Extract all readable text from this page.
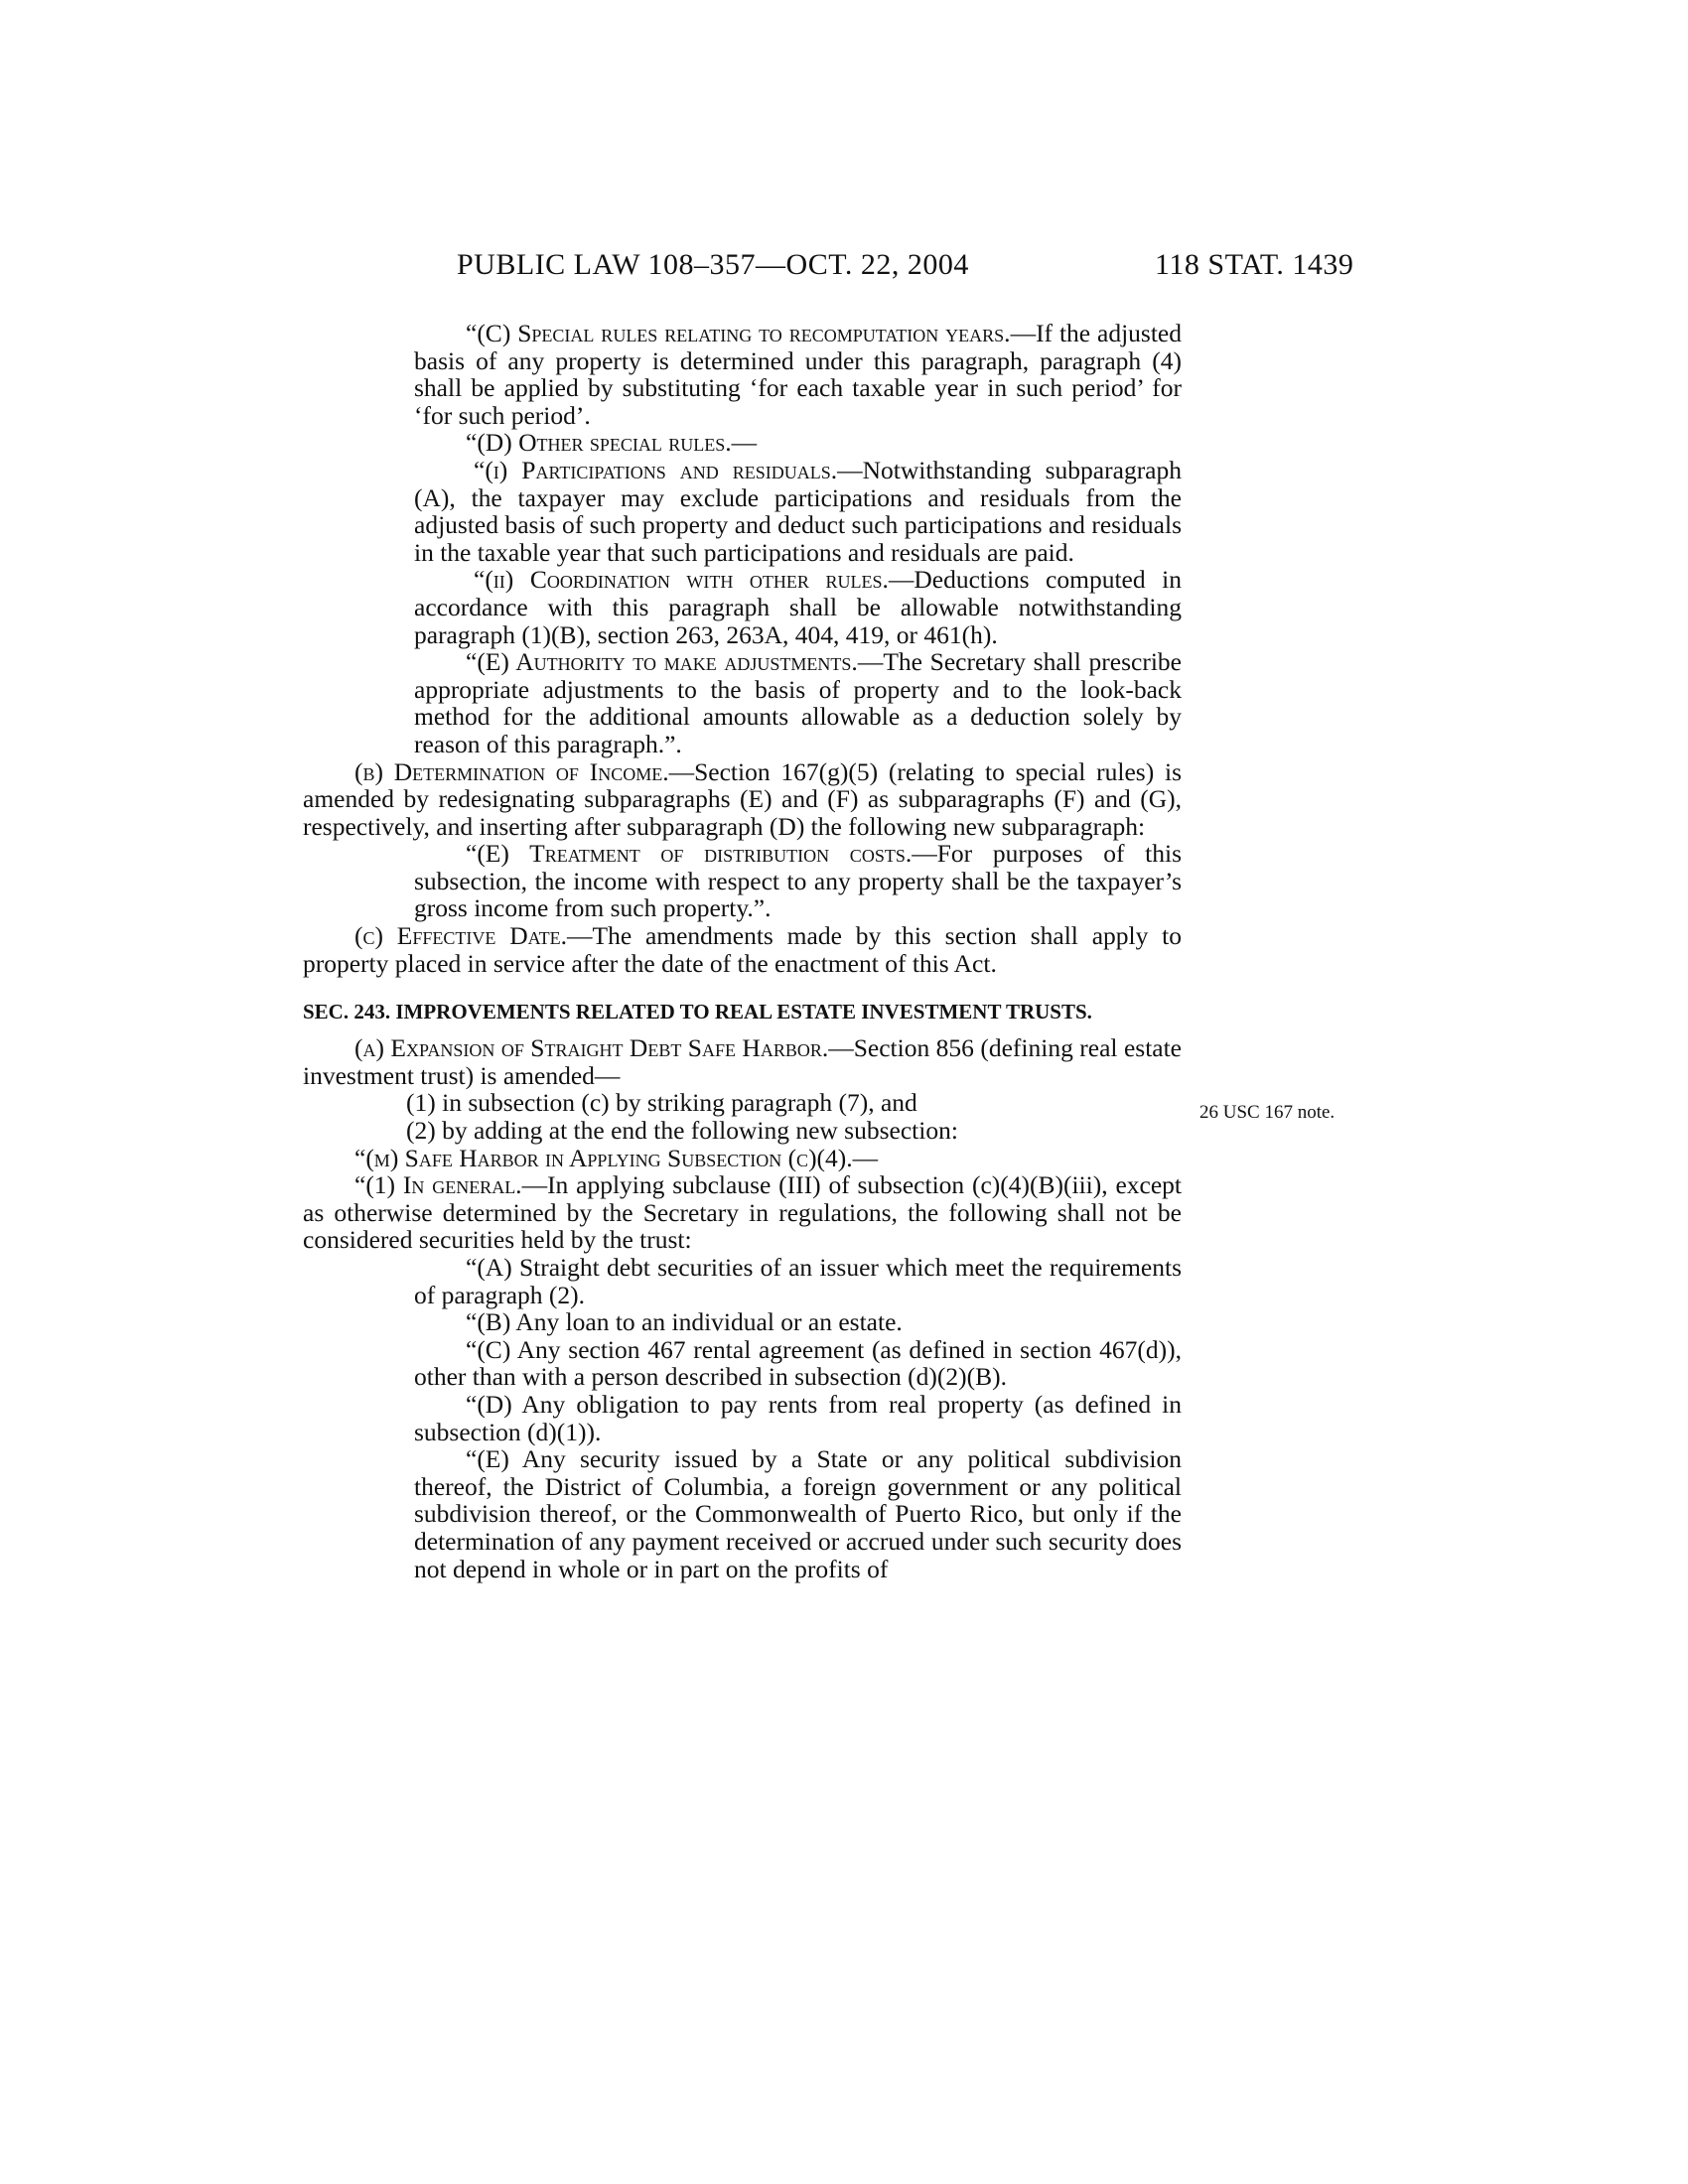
PUBLIC LAW 108–357—OCT. 22, 2004	118 STAT. 1439
26 USC 167 note.

“(C) Special rules relating to recomputation years.—If the adjusted basis of any property is determined under this paragraph, paragraph (4) shall be applied by substituting ‘for each taxable year in such period’ for ‘for such period’.

“(D) Other special rules.—

“(i) Participations and residuals.—Notwithstanding subparagraph (A), the taxpayer may exclude participations and residuals from the adjusted basis of such property and deduct such participations and residuals in the taxable year that such participations and residuals are paid.

“(ii) Coordination with other rules.—Deductions computed in accordance with this paragraph shall be allowable notwithstanding paragraph (1)(B), section 263, 263A, 404, 419, or 461(h).

“(E) Authority to make adjustments.—The Secretary shall prescribe appropriate adjustments to the basis of property and to the look-back method for the additional amounts allowable as a deduction solely by reason of this paragraph.”.

(b) Determination of Income.—Section 167(g)(5) (relating to special rules) is amended by redesignating subparagraphs (E) and (F) as subparagraphs (F) and (G), respectively, and inserting after subparagraph (D) the following new subparagraph:

“(E) Treatment of distribution costs.—For purposes of this subsection, the income with respect to any property shall be the taxpayer’s gross income from such property.”.

(c) Effective Date.—The amendments made by this section shall apply to property placed in service after the date of the enactment of this Act.

SEC. 243. IMPROVEMENTS RELATED TO REAL ESTATE INVESTMENT TRUSTS.

(a) Expansion of Straight Debt Safe Harbor.—Section 856 (defining real estate investment trust) is amended—

(1) in subsection (c) by striking paragraph (7), and

(2) by adding at the end the following new subsection:

“(m) Safe Harbor in Applying Subsection (c)(4).—

“(1) In general.—In applying subclause (III) of subsection (c)(4)(B)(iii), except as otherwise determined by the Secretary in regulations, the following shall not be considered securities held by the trust:

“(A) Straight debt securities of an issuer which meet the requirements of paragraph (2).

“(B) Any loan to an individual or an estate.

“(C) Any section 467 rental agreement (as defined in section 467(d)), other than with a person described in subsection (d)(2)(B).

“(D) Any obligation to pay rents from real property (as defined in subsection (d)(1)).

“(E) Any security issued by a State or any political subdivision thereof, the District of Columbia, a foreign government or any political subdivision thereof, or the Commonwealth of Puerto Rico, but only if the determination of any payment received or accrued under such security does not depend in whole or in part on the profits of
